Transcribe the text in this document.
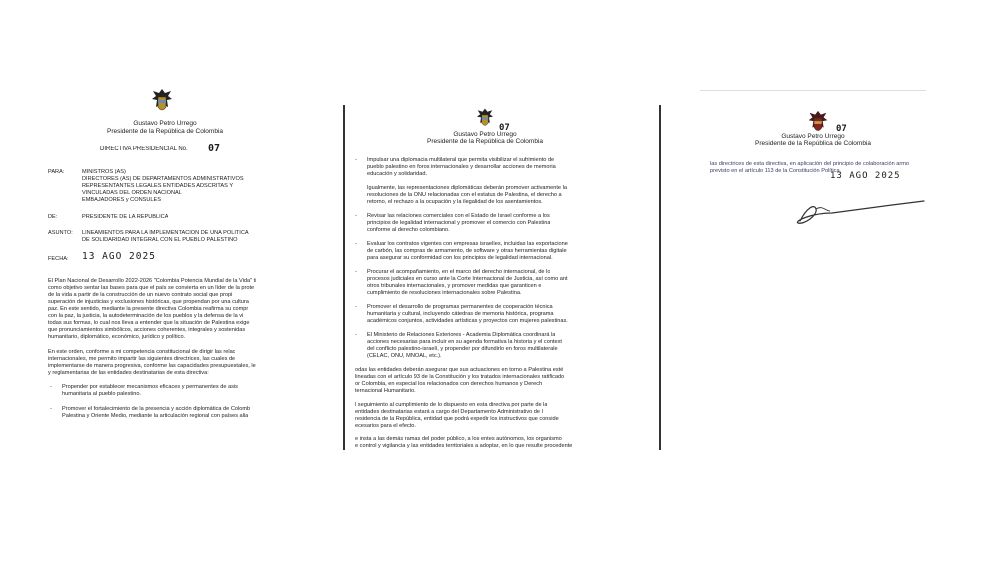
Gustavo Petro Urrego
Presidente de la República de Colombia
DIRECTIVA PRESIDENCIAL No. 07
PARA:	MINISTROS (AS)
DIRECTORES (AS) DE DEPARTAMENTOS ADMINISTRATIVOS
REPRESENTANTES LEGALES ENTIDADES ADSCRITAS Y
VINCULADAS DEL ORDEN NACIONAL
EMBAJADORES y CÓNSULES
DE:	PRESIDENTE DE LA REPÚBLICA
ASUNTO: LINEAMIENTOS PARA LA IMPLEMENTACIÓN DE UNA POLÍTICA
DE SOLIDARIDAD INTEGRAL CON EL PUEBLO PALESTINO
FECHA: 13 AGO 2025
El Plan Nacional de Desarrollo 2022-2026 "Colombia Potencia Mundial de la Vida" ti
como objetivo sentar las bases para que el país se convierta en un líder de la prote
de la vida a partir de la construcción de un nuevo contrato social que propi
superación de injusticias y exclusiones históricas, que propendan por una cultura
paz. En este sentido, mediante la presente directiva Colombia reafirma su compr
con la paz, la justicia, la autodeterminación de los pueblos y la defensa de la vi
todas sus formas, lo cual nos lleva a entender que la situación de Palestina exige
que pronunciamientos simbólicos, acciones coherentes, integrales y sostenidas
humanitario, diplomático, económico, jurídico y político.
En este orden, conforme a mi competencia constitucional de dirigir las relac
internacionales, me permito impartir las siguientes directrices, las cuales de
implementarse de manera progresiva, conforme las capacidades presupuestales, le
y reglamentarias de las entidades destinatarias de esta directiva:
- Propender por establecer mecanismos eficaces y permanentes de asis
humanitaria al pueblo palestino.
- Promover el fortalecimiento de la presencia y acción diplomática de Colomb
Palestina y Oriente Medio, mediante la articulación regional con países alia
07
Gustavo Petro Urrego
Presidente de la República de Colombia
- Impulsar una diplomacia multilateral que permita visibilizar el sufrimiento de
pueblo palestino en foros internacionales y desarrollar acciones de memoria
educación y solidaridad.
Igualmente, las representaciones diplomáticas deberán promover activamente la
resoluciones de la ONU relacionadas con el estatus de Palestina, el derecho a
retorno, el rechazo a la ocupación y la ilegalidad de los asentamientos.
- Revisar las relaciones comerciales con el Estado de Israel conforme a los
principios de legalidad internacional y promover el comercio con Palestina
conforme al derecho colombiano.
- Evaluar los contratos vigentes con empresas israelíes, incluidas las exportacione
de carbón, las compras de armamento, de software y otras herramientas digitale
para asegurar su conformidad con los principios de legalidad internacional.
- Procurar el acompañamiento, en el marco del derecho internacional, de lo
procesos judiciales en curso ante la Corte Internacional de Justicia, así como ant
otros tribunales internacionales, y promover medidas que garanticen e
cumplimiento de resoluciones internacionales sobre Palestina.
- Promover el desarrollo de programas permanentes de cooperación técnica
humanitaria y cultural, incluyendo cátedras de memoria histórica, programa
académicos conjuntos, actividades artísticas y proyectos con mujeres palestinas.
- El Ministerio de Relaciones Exteriores - Academia Diplomática coordinará la
acciones necesarias para incluir en su agenda formativa la historia y el context
del conflicto palestino-israelí, y propender por difundirlo en foros multilaterale
(CELAC, ONU, MNOAL, etc.).
odas las entidades deberán asegurar que sus actuaciones en torno a Palestina esté
lineadas con el artículo 93 de la Constitución y los tratados internacionales ratificado
or Colombia, en especial los relacionados con derechos humanos y Derech
ternacional Humanitario.
l seguimiento al cumplimiento de lo dispuesto en esta directiva por parte de la
entidades destinatarias estará a cargo del Departamento Administrativo de l
residencia de la República, entidad que podrá expedir los instructivos que conside
ecesarios para el efecto.
e insta a las demás ramas del poder público, a los entes autónomos, los organismo
e control y vigilancia y las entidades territoriales a adoptar, en lo que resulte procedente
07
Gustavo Petro Urrego
Presidente de la República de Colombia
las directrices de esta directiva, en aplicación del principio de colaboración armo
previsto en el artículo 113 de la Constitución Política.
13 AGO 2025
